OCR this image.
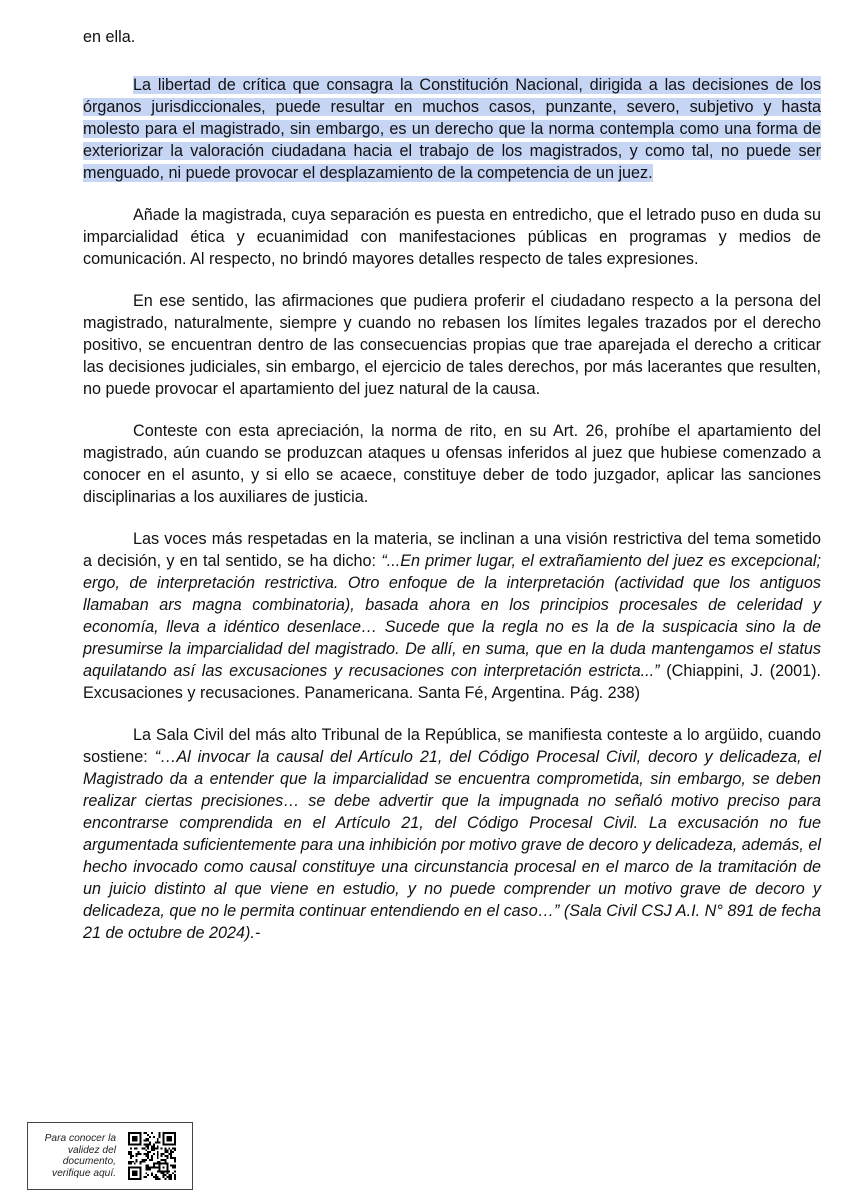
en ella.

La libertad de crítica que consagra la Constitución Nacional, dirigida a las decisiones de los órganos jurisdiccionales, puede resultar en muchos casos, punzante, severo, subjetivo y hasta molesto para el magistrado, sin embargo, es un derecho que la norma contempla como una forma de exteriorizar la valoración ciudadana hacia el trabajo de los magistrados, y como tal, no puede ser menguado, ni puede provocar el desplazamiento de la competencia de un juez.

Añade la magistrada, cuya separación es puesta en entredicho, que el letrado puso en duda su imparcialidad ética y ecuanimidad con manifestaciones públicas en programas y medios de comunicación. Al respecto, no brindó mayores detalles respecto de tales expresiones.

En ese sentido, las afirmaciones que pudiera proferir el ciudadano respecto a la persona del magistrado, naturalmente, siempre y cuando no rebasen los límites legales trazados por el derecho positivo, se encuentran dentro de las consecuencias propias que trae aparejada el derecho a criticar las decisiones judiciales, sin embargo, el ejercicio de tales derechos, por más lacerantes que resulten, no puede provocar el apartamiento del juez natural de la causa.

Conteste con esta apreciación, la norma de rito, en su Art. 26, prohíbe el apartamiento del magistrado, aún cuando se produzcan ataques u ofensas inferidos al juez que hubiese comenzado a conocer en el asunto, y si ello se acaece, constituye deber de todo juzgador, aplicar las sanciones disciplinarias a los auxiliares de justicia.

Las voces más respetadas en la materia, se inclinan a una visión restrictiva del tema sometido a decisión, y en tal sentido, se ha dicho: “...En primer lugar, el extrañamiento del juez es excepcional; ergo, de interpretación restrictiva. Otro enfoque de la interpretación (actividad que los antiguos llamaban ars magna combinatoria), basada ahora en los principios procesales de celeridad y economía, lleva a idéntico desenlace… Sucede que la regla no es la de la suspicacia sino la de presumirse la imparcialidad del magistrado. De allí, en suma, que en la duda mantengamos el status aquilatando así las excusaciones y recusaciones con interpretación estricta...” (Chiappini, J. (2001). Excusaciones y recusaciones. Panamericana. Santa Fé, Argentina. Pág. 238)

La Sala Civil del más alto Tribunal de la República, se manifiesta conteste a lo argüido, cuando sostiene: “…Al invocar la causal del Artículo 21, del Código Procesal Civil, decoro y delicadeza, el Magistrado da a entender que la imparcialidad se encuentra comprometida, sin embargo, se deben realizar ciertas precisiones… se debe advertir que la impugnada no señaló motivo preciso para encontrarse comprendida en el Artículo 21, del Código Procesal Civil. La excusación no fue argumentada suficientemente para una inhibición por motivo grave de decoro y delicadeza, además, el hecho invocado como causal constituye una circunstancia procesal en el marco de la tramitación de un juicio distinto al que viene en estudio, y no puede comprender un motivo grave de decoro y delicadeza, que no le permita continuar entendiendo en el caso…” (Sala Civil CSJ A.I. N° 891 de fecha 21 de octubre de 2024).-

Para conocer la validez del documento, verifique aquí.
